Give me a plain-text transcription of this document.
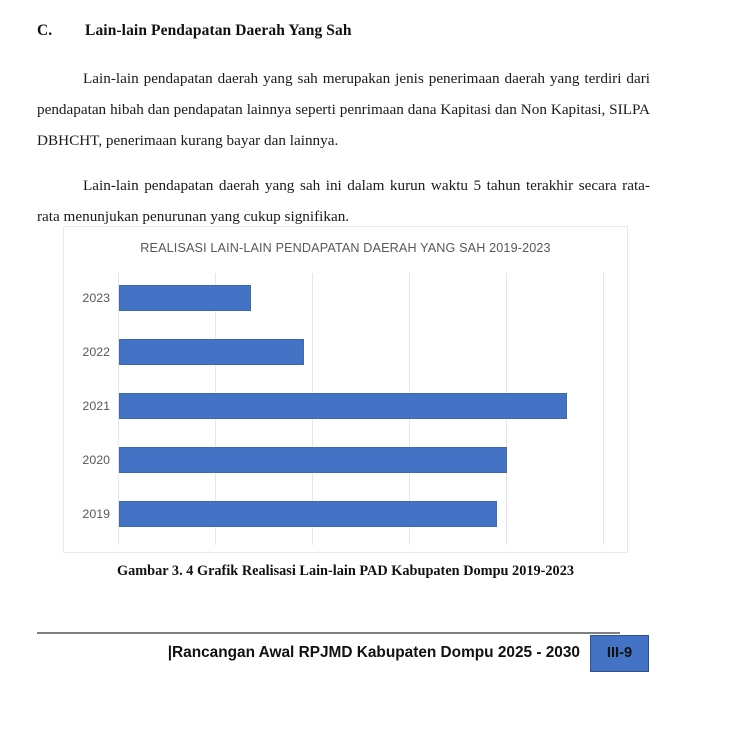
C.	Lain-lain Pendapatan Daerah Yang Sah

Lain-lain pendapatan daerah yang sah merupakan jenis penerimaan daerah yang terdiri dari pendapatan hibah dan pendapatan lainnya seperti penrimaan dana Kapitasi dan Non Kapitasi, SILPA DBHCHT, penerimaan kurang bayar dan lainnya.

Lain-lain pendapatan daerah yang sah ini dalam kurun waktu 5 tahun terakhir secara rata-rata menunjukan penurunan yang cukup signifikan.

REALISASI LAIN-LAIN PENDAPATAN DAERAH YANG SAH 2019-2023
2023
2022
2021
2020
2019
Gambar 3. 4 Grafik Realisasi Lain-lain PAD Kabupaten Dompu 2019-2023
|Rancangan Awal RPJMD Kabupaten Dompu 2025 - 2030	III-9
